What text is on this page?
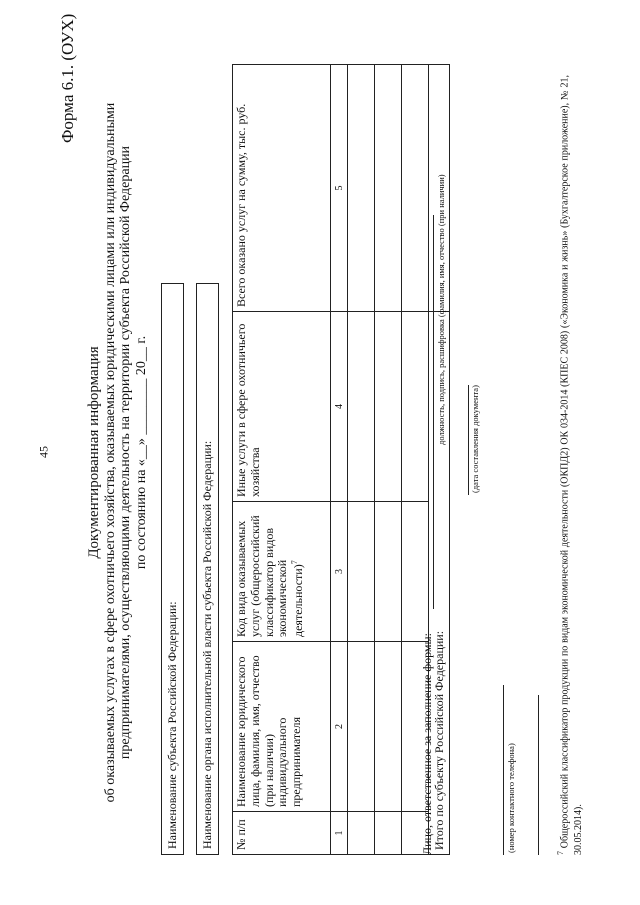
45
Форма 6.1. (ОУХ)
Документированная информация об оказываемых услугах в сфере охотничьего хозяйства, оказываемых юридическими лицами или индивидуальными предпринимателями, осуществляющими деятельность на территории субъекта Российской Федерации по состоянию на «__» ________ 20__ г.
Наименование субъекта Российской Федерации: Наименование органа исполнительной власти субъекта Российской Федерации: № п/п	Наименование юридического лица, фамилия, имя, отчество (при наличии) индивидуального предпринимателя	Код вида оказываемых услуг (общероссийский классификатор видов экономической деятельности)$^7$	Иные услуги в сфере охотничьего хозяйства	Всего оказано услуг на сумму, тыс. руб.
1	2	3	4	5

Итого по субъекту Российской Федерации:				
Лицо, ответственное за заполнение формы:
должность, подпись, расшифровка (фамилия, имя, отчество (при наличии)	(дата составления документа)
(номер контактного телефона)	$^7$ Общероссийский классификатор продукции по видам экономической деятельности (ОКПД2) ОК 034-2014 (КПЕС 2008) («Экономика и жизнь» (Бухгалтерское приложение), № 21, 30.05.2014).
